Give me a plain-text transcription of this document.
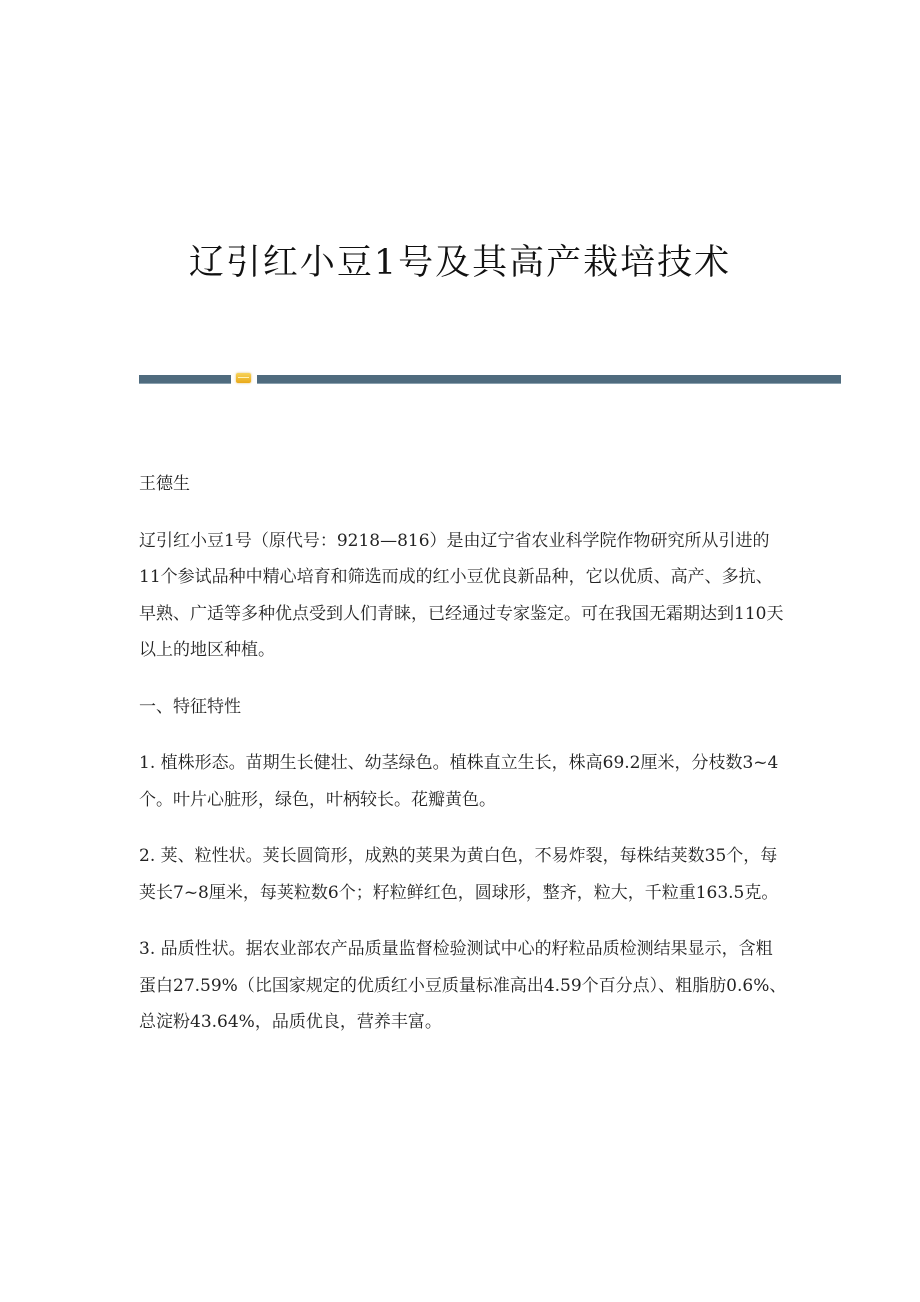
辽引红小豆1号及其高产栽培技术

王德生

辽引红小豆1号（原代号：9218—816）是由辽宁省农业科学院作物研究所从引进的11个参试品种中精心培育和筛选而成的红小豆优良新品种，它以优质、高产、多抗、早熟、广适等多种优点受到人们青睐，已经通过专家鉴定。可在我国无霜期达到110天以上的地区种植。

一、特征特性

1. 植株形态。苗期生长健壮、幼茎绿色。植株直立生长，株高69.2厘米，分枝数3~4个。叶片心脏形，绿色，叶柄较长。花瓣黄色。

2. 荚、粒性状。荚长圆筒形，成熟的荚果为黄白色，不易炸裂，每株结荚数35个，每荚长7~8厘米，每荚粒数6个；籽粒鲜红色，圆球形，整齐，粒大，千粒重163.5克。

3. 品质性状。据农业部农产品质量监督检验测试中心的籽粒品质检测结果显示，含粗蛋白27.59%（比国家规定的优质红小豆质量标准高出4.59个百分点）、粗脂肪0.6%、总淀粉43.64%，品质优良，营养丰富。
